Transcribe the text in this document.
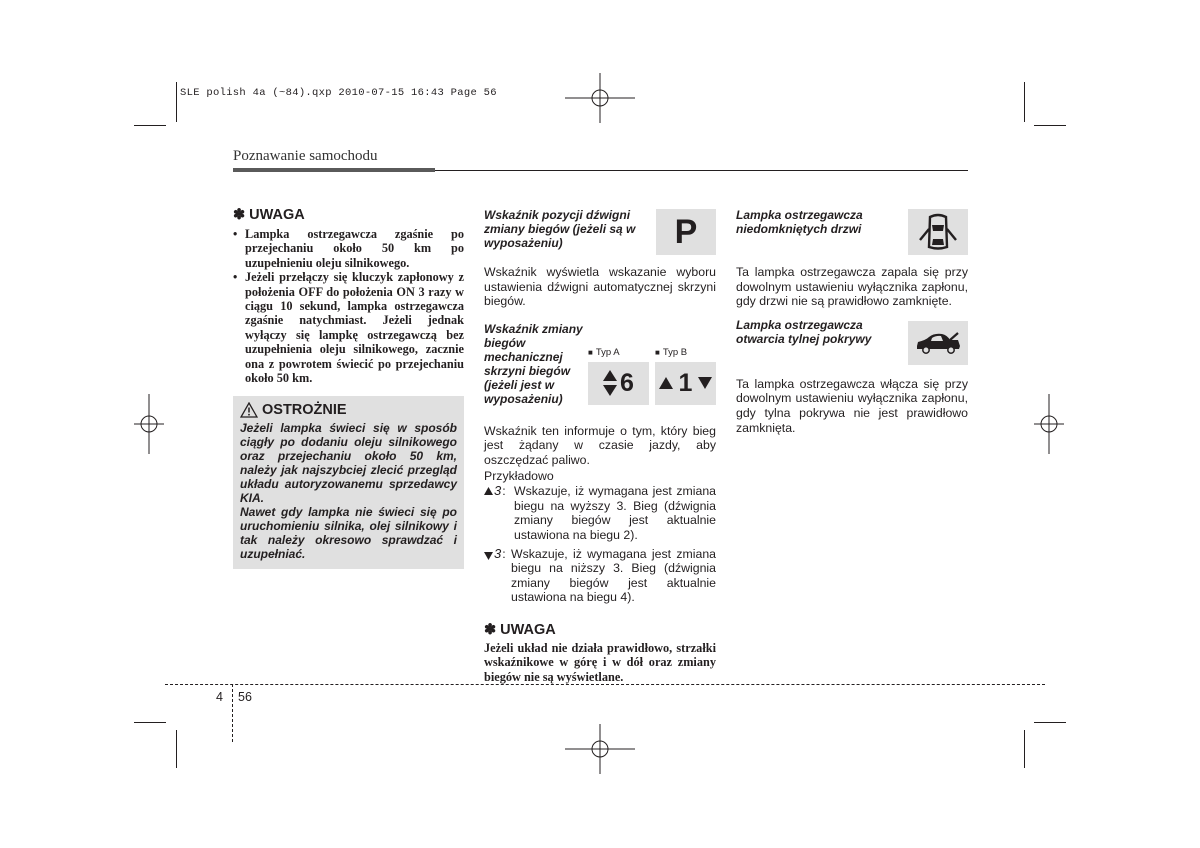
SLE polish 4a (~84).qxp 2010-07-15 16:43 Page 56
Poznawanie samochodu
✽ UWAGA
• Lampka ostrzegawcza zgaśnie po przejechaniu około 50 km po uzupełnieniu oleju silnikowego.
• Jeżeli przełączy się kluczyk zapłonowy z położenia OFF do położenia ON 3 razy w ciągu 10 sekund, lampka ostrzegawcza zgaśnie natychmiast. Jeżeli jednak wyłączy się lampkę ostrzegawczą bez uzupełnienia oleju silnikowego, zacznie ona z powrotem świecić po przejechaniu około 50 km.
OSTROŻNIE
Jeżeli lampka świeci się w sposób ciągły po dodaniu oleju silnikowego oraz przejechaniu około 50 km, należy jak najszybciej zlecić przegląd układu autoryzowanemu sprzedawcy KIA.
Nawet gdy lampka nie świeci się po uruchomieniu silnika, olej silnikowy i tak należy okresowo sprawdzać i uzupełniać.
Wskaźnik pozycji dźwigni zmiany biegów (jeżeli są w wyposażeniu)	P
Wskaźnik wyświetla wskazanie wyboru ustawienia dźwigni automatycznej skrzyni biegów.
Wskaźnik zmiany biegów mechanicznej skrzyni biegów (jeżeli jest w wyposażeniu)
■ Typ A	■ Typ B
6 1
Wskaźnik ten informuje o tym, który bieg jest żądany w czasie jazdy, aby oszczędzać paliwo.
Przykładowo
3 : Wskazuje, iż wymagana jest zmiana biegu na wyższy 3. Bieg (dźwignia zmiany biegów jest aktualnie ustawiona na biegu 2).
3 : Wskazuje, iż wymagana jest zmiana biegu na niższy 3. Bieg (dźwignia zmiany biegów jest aktualnie ustawiona na biegu 4).
✽ UWAGA
Jeżeli układ nie działa prawidłowo, strzałki wskaźnikowe w górę i w dół oraz zmiany biegów nie są wyświetlane.
Lampka ostrzegawcza niedomkniętych drzwi
Ta lampka ostrzegawcza zapala się przy dowolnym ustawieniu wyłącznika zapłonu, gdy drzwi nie są prawidłowo zamknięte.
Lampka ostrzegawcza otwarcia tylnej pokrywy
Ta lampka ostrzegawcza włącza się przy dowolnym ustawieniu wyłącznika zapłonu, gdy tylna pokrywa nie jest prawidłowo zamknięta.
4 56
